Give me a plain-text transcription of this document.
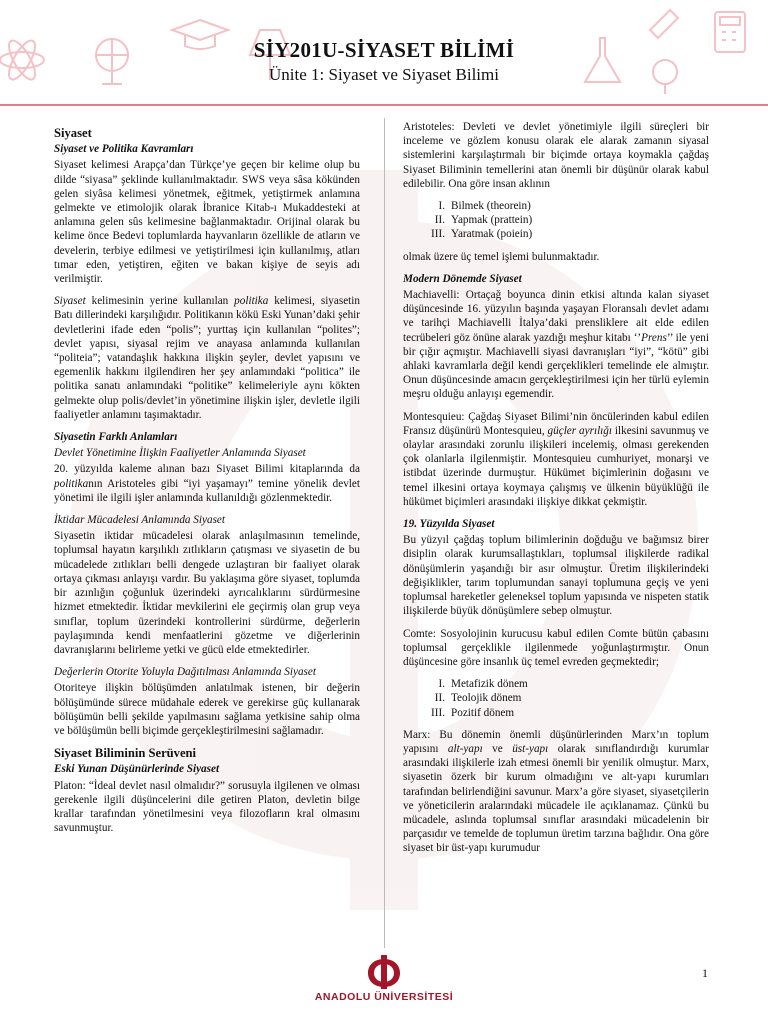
SİY201U-SİYASET BİLİMİ
Ünite 1: Siyaset ve Siyaset Bilimi
Siyaset
Siyaset ve Politika Kavramları

Siyaset kelimesi Arapça’dan Türkçe’ye geçen bir kelime olup bu dilde “siyasa” şeklinde kullanılmaktadır. SWS veya sâsa kökünden gelen siyâsa kelimesi yönetmek, eğitmek, yetiştirmek anlamına gelmekte ve etimolojik olarak İbranice Kitab-ı Mukaddesteki at anlamına gelen sûs kelimesine bağlanmaktadır. Orijinal olarak bu kelime önce Bedevi toplumlarda hayvanların özellikle de atların ve develerin, terbiye edilmesi ve yetiştirilmesi için kullanılmış, atları tımar eden, yetiştiren, eğiten ve bakan kişiye de seyis adı verilmiştir.

Siyaset kelimesinin yerine kullanılan politika kelimesi, siyasetin Batı dillerindeki karşılığıdır. Politikanın kökü Eski Yunan’daki şehir devletlerini ifade eden “polis”; yurttaş için kullanılan “polites”; devlet yapısı, siyasal rejim ve anayasa anlamında kullanılan “politeia”; vatandaşlık hakkına ilişkin şeyler, devlet yapısını ve egemenlik hakkını ilgilendiren her şey anlamındaki “politica” ile politika sanatı anlamındaki “politike” kelimeleriyle aynı kökten gelmekte olup polis/devlet’in yönetimine ilişkin işler, devletle ilgili faaliyetler anlamını taşımaktadır.

Siyasetin Farklı Anlamları
Devlet Yönetimine İlişkin Faaliyetler Anlamında Siyaset

20. yüzyılda kaleme alınan bazı Siyaset Bilimi kitaplarında da politikanın Aristoteles gibi “iyi yaşamayı” temine yönelik devlet yönetimi ile ilgili işler anlamında kullanıldığı gözlenmektedir.

İktidar Mücadelesi Anlamında Siyaset

Siyasetin iktidar mücadelesi olarak anlaşılmasının temelinde, toplumsal hayatın karşılıklı zıtlıkların çatışması ve siyasetin de bu mücadelede zıtlıkları belli dengede uzlaştıran bir faaliyet olarak ortaya çıkması anlayışı vardır. Bu yaklaşıma göre siyaset, toplumda bir azınlığın çoğunluk üzerindeki ayrıcalıklarını sürdürmesine hizmet etmektedir. İktidar mevkilerini ele geçirmiş olan grup veya sınıflar, toplum üzerindeki kontrollerini sürdürme, değerlerin paylaşımında kendi menfaatlerini gözetme ve diğerlerinin davranışlarını belirleme yetki ve gücü elde etmektedirler.

Değerlerin Otorite Yoluyla Dağıtılması Anlamında Siyaset

Otoriteye ilişkin bölüşümden anlatılmak istenen, bir değerin bölüşümünde sürece müdahale ederek ve gerekirse güç kullanarak bölüşümün belli şekilde yapılmasını sağlama yetkisine sahip olma ve bölüşümün belli biçimde gerçekleştirilmesini sağlamadır.

Siyaset Biliminin Serüveni
Eski Yunan Düşünürlerinde Siyaset

Platon: “İdeal devlet nasıl olmalıdır?” sorusuyla ilgilenen ve olması gerekenle ilgili düşüncelerini dile getiren Platon, devletin bilge krallar tarafından yönetilmesini veya filozofların kral olmasını savunmuştur.

Aristoteles: Devleti ve devlet yönetimiyle ilgili süreçleri bir inceleme ve gözlem konusu olarak ele alarak zamanın siyasal sistemlerini karşılaştırmalı bir biçimde ortaya koymakla çağdaş Siyaset Biliminin temellerini atan önemli bir düşünür olarak kabul edilebilir. Ona göre insan aklının

I. Bilmek (theorein)
II. Yapmak (prattein)
III. Yaratmak (poiein)

olmak üzere üç temel işlemi bulunmaktadır.

Modern Dönemde Siyaset

Machiavelli: Ortaçağ boyunca dinin etkisi altında kalan siyaset düşüncesinde 16. yüzyılın başında yaşayan Floransalı devlet adamı ve tarihçi Machiavelli İtalya’daki prensliklere ait elde edilen tecrübeleri göz önüne alarak yazdığı meşhur kitabı ‘’Prens’’ ile yeni bir çığır açmıştır. Machiavelli siyasi davranışları “iyi”, “kötü” gibi ahlaki kavramlarla değil kendi gerçeklikleri temelinde ele almıştır. Onun düşüncesinde amacın gerçekleştirilmesi için her türlü eylemin meşru olduğu anlayışı egemendir.

Montesquieu: Çağdaş Siyaset Bilimi’nin öncülerinden kabul edilen Fransız düşünürü Montesquieu, güçler ayrılığı ilkesini savunmuş ve olaylar arasındaki zorunlu ilişkileri incelemiş, olması gerekenden çok olanlarla ilgilenmiştir. Montesquieu cumhuriyet, monarşi ve istibdat üzerinde durmuştur. Hükümet biçimlerinin doğasını ve temel ilkesini ortaya koymaya çalışmış ve ülkenin büyüklüğü ile hükümet biçimleri arasındaki ilişkiye dikkat çekmiştir.

19. Yüzyılda Siyaset

Bu yüzyıl çağdaş toplum bilimlerinin doğduğu ve bağımsız birer disiplin olarak kurumsallaştıkları, toplumsal ilişkilerde radikal dönüşümlerin yaşandığı bir asır olmuştur. Üretim ilişkilerindeki değişiklikler, tarım toplumundan sanayi toplumuna geçiş ve yeni toplumsal hareketler geleneksel toplum yapısında ve nispeten statik ilişkilerde büyük dönüşümlere sebep olmuştur.

Comte: Sosyolojinin kurucusu kabul edilen Comte bütün çabasını toplumsal gerçeklikle ilgilenmede yoğunlaştırmıştır. Onun düşüncesine göre insanlık üç temel evreden geçmektedir;

I. Metafizik dönem
II. Teolojik dönem
III. Pozitif dönem

Marx: Bu dönemin önemli düşünürlerinden Marx’ın toplum yapısını alt-yapı ve üst-yapı olarak sınıflandırdığı kurumlar arasındaki ilişkilerle izah etmesi önemli bir yenilik olmuştur. Marx, siyasetin özerk bir kurum olmadığını ve alt-yapı kurumları tarafından belirlendiğini savunur. Marx’a göre siyaset, siyasetçilerin ve yöneticilerin aralarındaki mücadele ile açıklanamaz. Çünkü bu mücadele, aslında toplumsal sınıflar arasındaki mücadelenin bir parçasıdır ve temelde de toplumun üretim tarzına bağlıdır. Ona göre siyaset bir üst-yapı kurumudur

1
ANADOLU ÜNİVERSİTESİ
